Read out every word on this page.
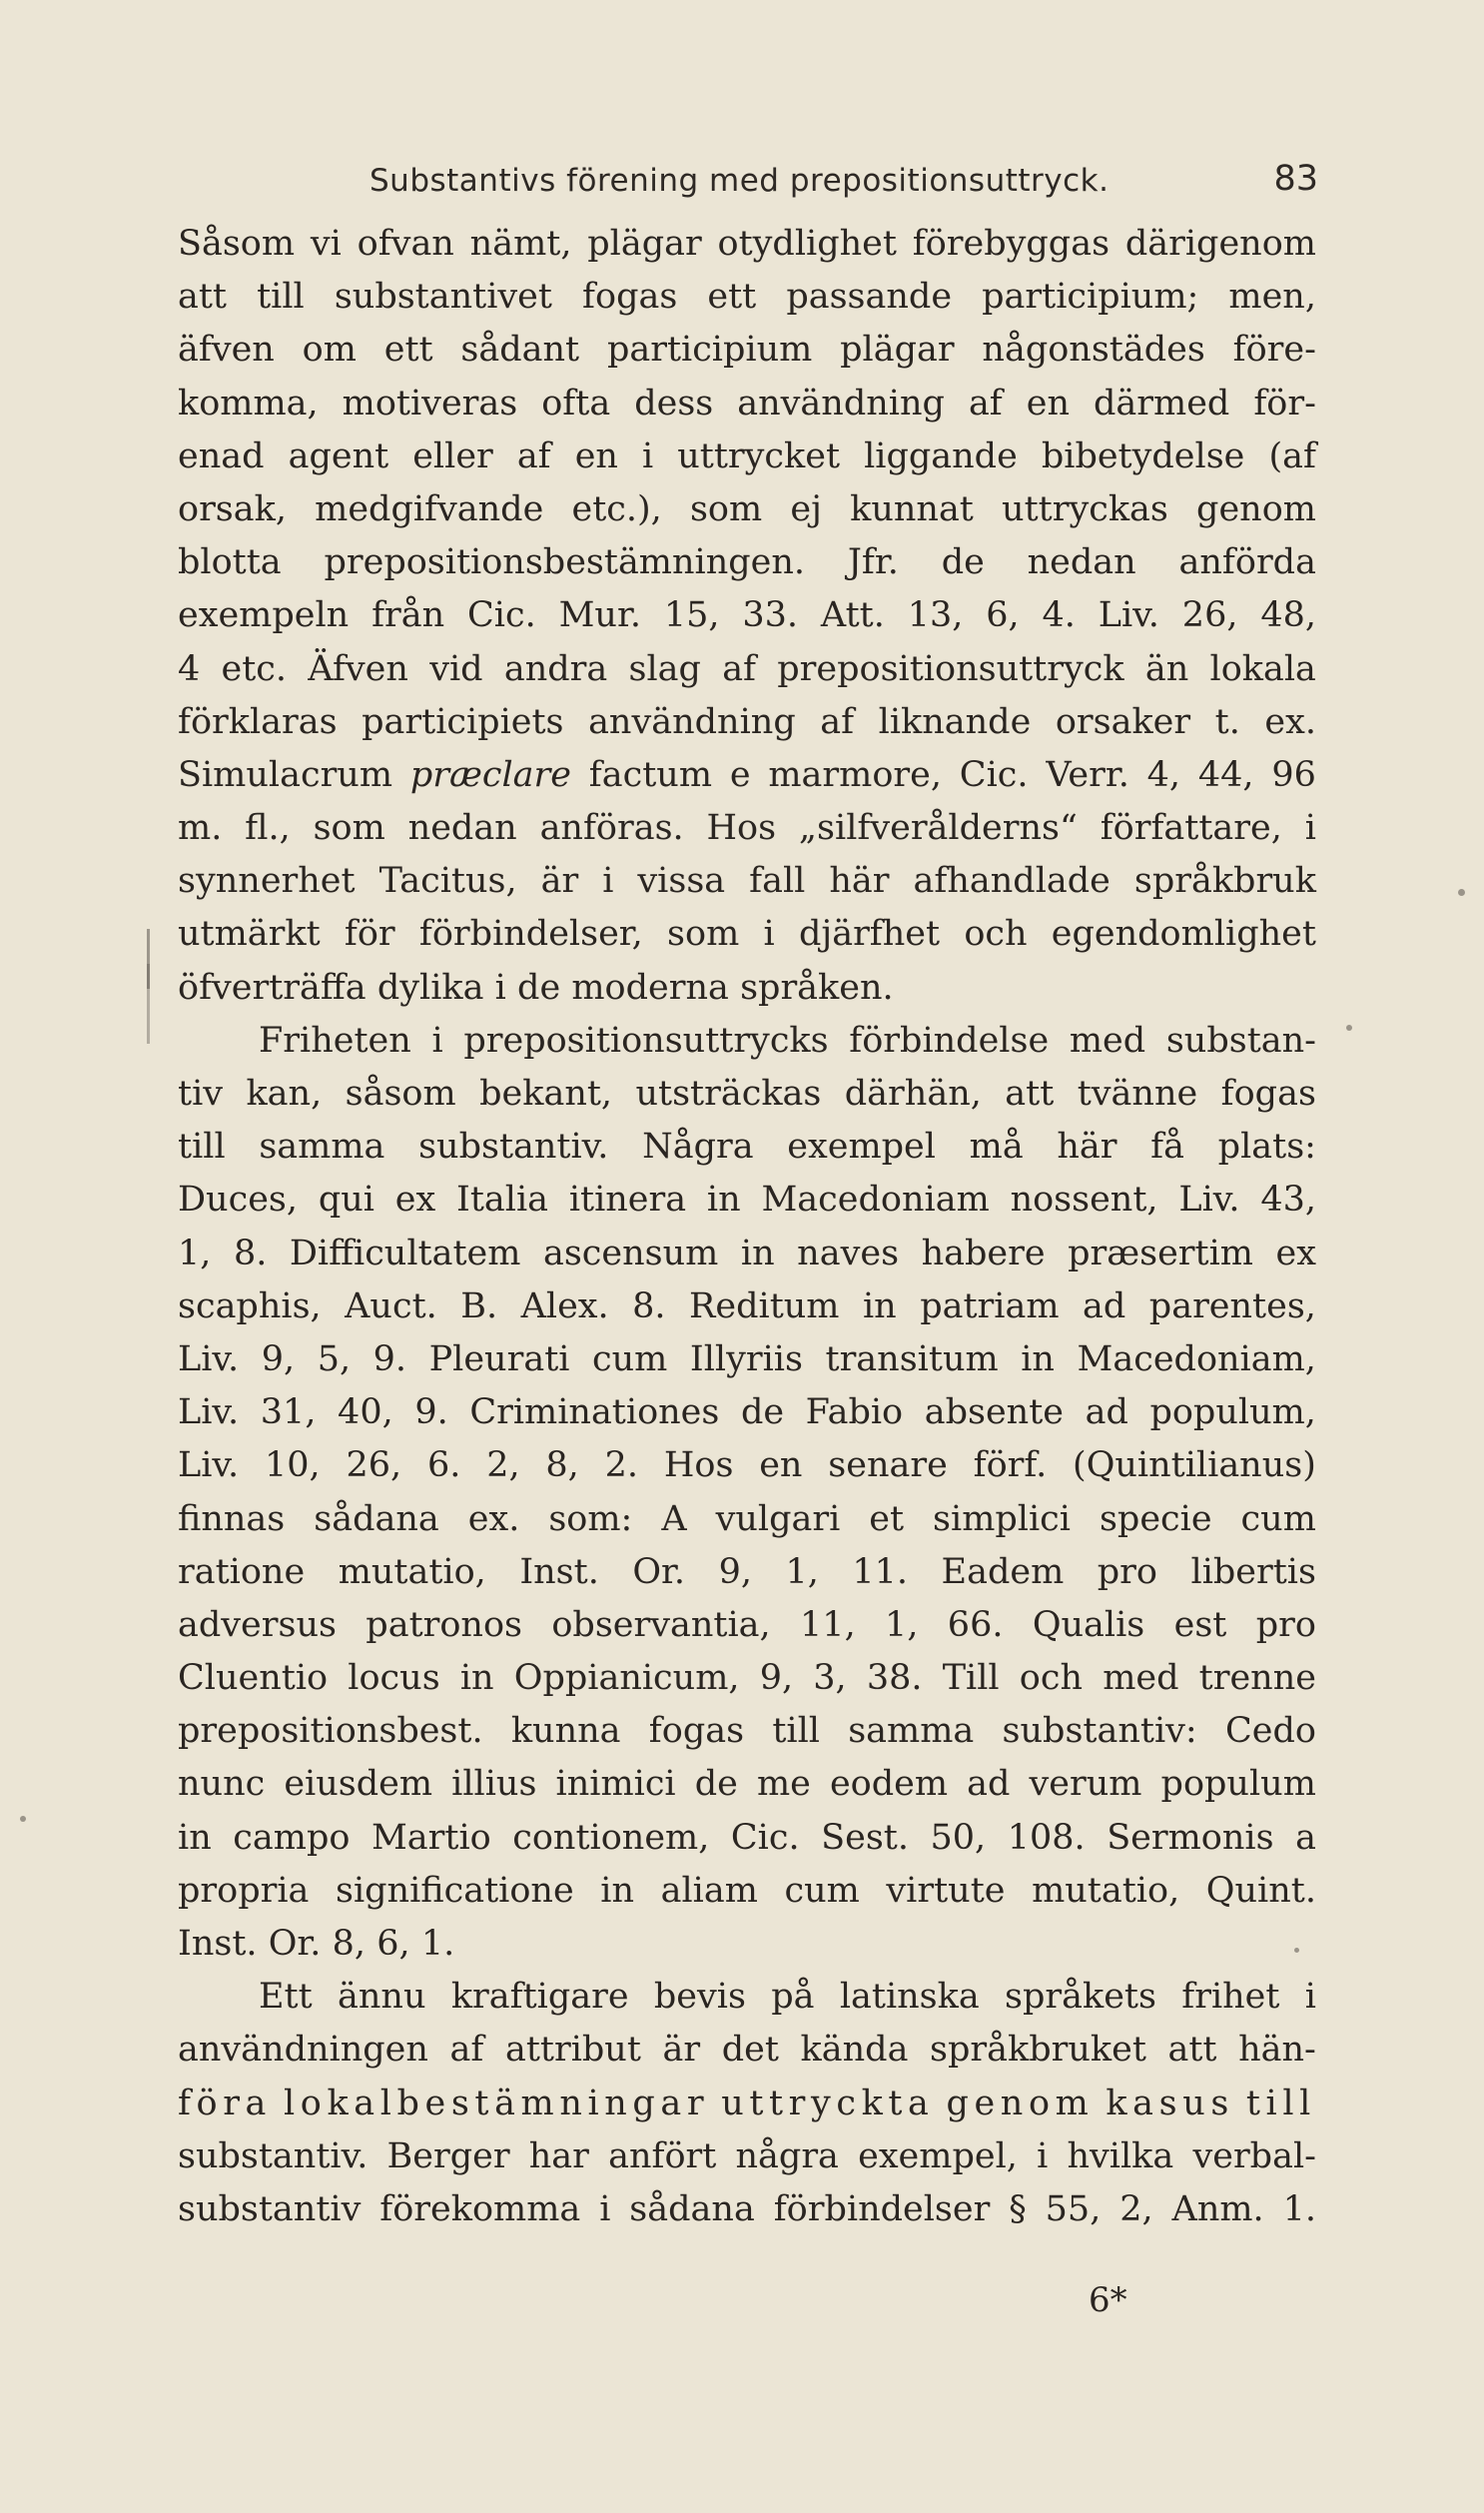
Substantivs förening med prepositionsuttryck.	83
Såsom vi ofvan nämt, plägar otydlighet förebyggas därigenom
att till substantivet fogas ett passande participium; men,
äfven om ett sådant participium plägar någonstädes före-
komma, motiveras ofta dess användning af en därmed för-
enad agent eller af en i uttrycket liggande bibetydelse (af
orsak, medgifvande etc.), som ej kunnat uttryckas genom
blotta prepositionsbestämningen. Jfr. de nedan anförda
exempeln från Cic. Mur. 15, 33. Att. 13, 6, 4. Liv. 26, 48,
4 etc. Äfven vid andra slag af prepositionsuttryck än lokala
förklaras participiets användning af liknande orsaker t. ex.
Simulacrum præclare factum e marmore, Cic. Verr. 4, 44, 96
m. fl., som nedan anföras. Hos „silfverålderns“ författare, i
synnerhet Tacitus, är i vissa fall här afhandlade språkbruk
utmärkt för förbindelser, som i djärfhet och egendomlighet
öfverträffa dylika i de moderna språken.
Friheten i prepositionsuttrycks förbindelse med substan-
tiv kan, såsom bekant, utsträckas därhän, att tvänne fogas
till samma substantiv. Några exempel må här få plats:
Duces, qui ex Italia itinera in Macedoniam nossent, Liv. 43,
1, 8. Difficultatem ascensum in naves habere præsertim ex
scaphis, Auct. B. Alex. 8. Reditum in patriam ad parentes,
Liv. 9, 5, 9. Pleurati cum Illyriis transitum in Macedoniam,
Liv. 31, 40, 9. Criminationes de Fabio absente ad populum,
Liv. 10, 26, 6. 2, 8, 2. Hos en senare förf. (Quintilianus)
finnas sådana ex. som: A vulgari et simplici specie cum
ratione mutatio, Inst. Or. 9, 1, 11. Eadem pro libertis
adversus patronos observantia, 11, 1, 66. Qualis est pro
Cluentio locus in Oppianicum, 9, 3, 38. Till och med trenne
prepositionsbest. kunna fogas till samma substantiv: Cedo
nunc eiusdem illius inimici de me eodem ad verum populum
in campo Martio contionem, Cic. Sest. 50, 108. Sermonis a
propria significatione in aliam cum virtute mutatio, Quint.
Inst. Or. 8, 6, 1.
Ett ännu kraftigare bevis på latinska språkets frihet i
användningen af attribut är det kända språkbruket att hän-
föra lokalbestämningar uttryckta genom kasus till
substantiv. Berger har anfört några exempel, i hvilka verbal-
substantiv förekomma i sådana förbindelser § 55, 2, Anm. 1.
6*
